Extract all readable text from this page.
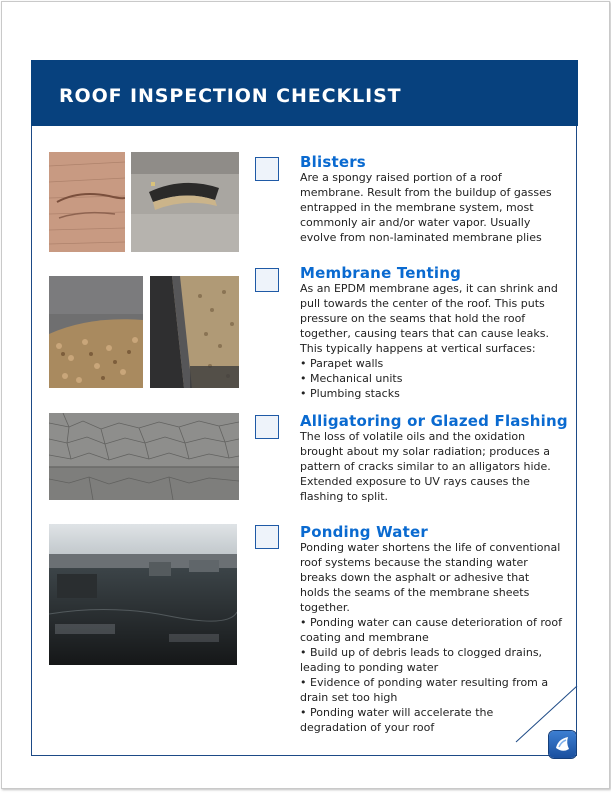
ROOF INSPECTION CHECKLIST
Blisters

Are a spongy raised portion of a roof membrane. Result from the buildup of gasses entrapped in the membrane system, most commonly air and/or water vapor. Usually evolve from non-laminated membrane plies

Membrane Tenting

As an EPDM membrane ages, it can shrink and pull towards the center of the roof. This puts pressure on the seams that hold the roof together, causing tears that can cause leaks. This typically happens at vertical surfaces:

• Parapet walls
• Mechanical units
• Plumbing stacks
Alligatoring or Glazed Flashing

The loss of volatile oils and the oxidation brought about my solar radiation; produces a pattern of cracks similar to an alligators hide. Extended exposure to UV rays causes the flashing to split.

Ponding Water

Ponding water shortens the life of conventional roof systems because the standing water breaks down the asphalt or adhesive that holds the seams of the membrane sheets together.

• Ponding water can cause deterioration of roof coating and membrane
• Build up of debris leads to clogged drains, leading to ponding water
• Evidence of ponding water resulting from a drain set too high
• Ponding water will accelerate the degradation of your roof
